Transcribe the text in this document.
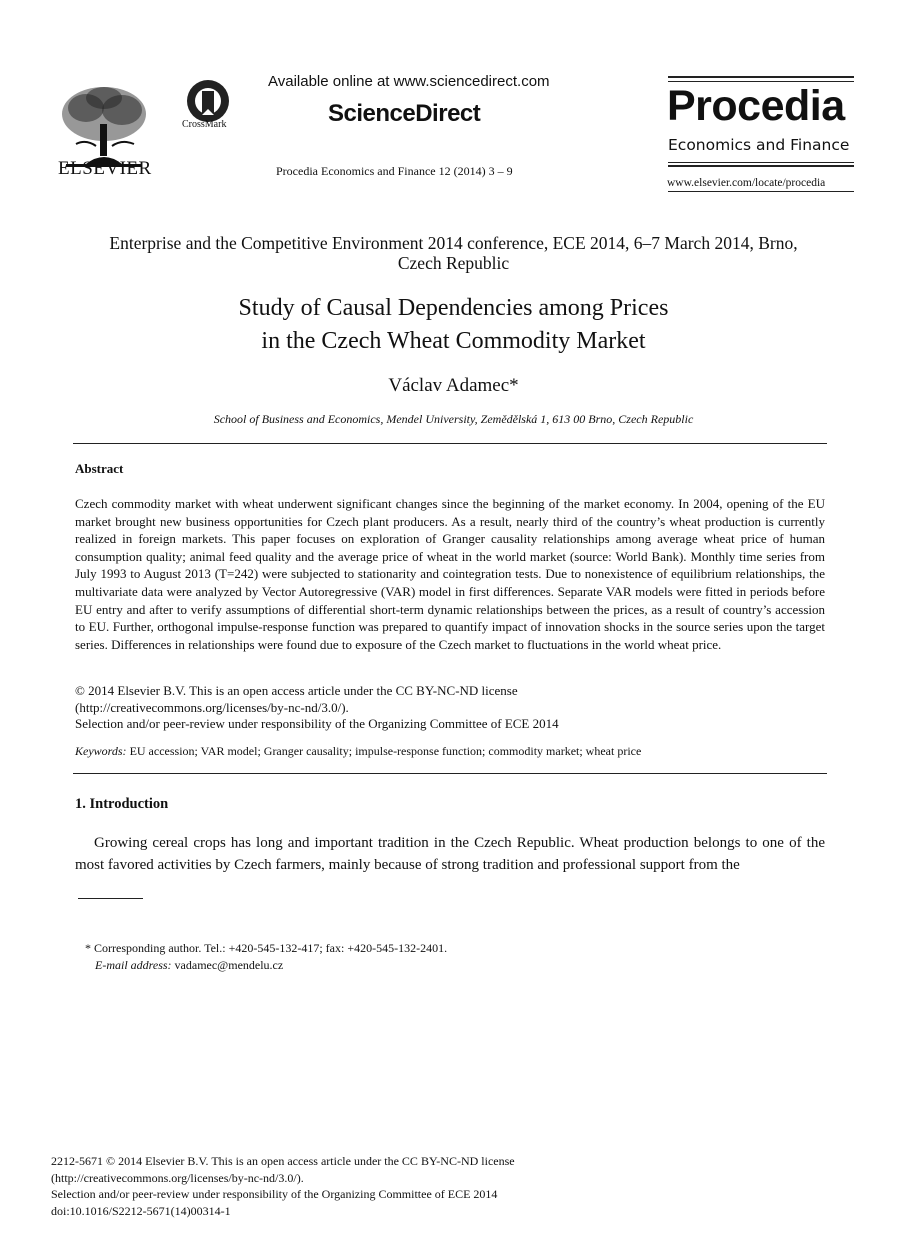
ELSEVIER
CrossMark
Available online at www.sciencedirect.com
ScienceDirect
Procedia Economics and Finance 12 (2014) 3 – 9
Procedia
Economics and Finance
www.elsevier.com/locate/procedia
Enterprise and the Competitive Environment 2014 conference, ECE 2014, 6–7 March 2014, Brno,
Czech Republic
Study of Causal Dependencies among Prices
in the Czech Wheat Commodity Market
Václav Adamec*
School of Business and Economics, Mendel University, Zemědělská 1, 613 00 Brno, Czech Republic
Abstract
Czech commodity market with wheat underwent significant changes since the beginning of the market economy. In 2004, opening of the EU market brought new business opportunities for Czech plant producers. As a result, nearly third of the country’s wheat production is currently realized in foreign markets. This paper focuses on exploration of Granger causality relationships among average wheat price of human consumption quality; animal feed quality and the average price of wheat in the world market (source: World Bank). Monthly time series from July 1993 to August 2013 (T=242) were subjected to stationarity and cointegration tests. Due to nonexistence of equilibrium relationships, the multivariate data were analyzed by Vector Autoregressive (VAR) model in first differences. Separate VAR models were fitted in periods before EU entry and after to verify assumptions of differential short-term dynamic relationships between the prices, as a result of country’s accession to EU. Further, orthogonal impulse-response function was prepared to quantify impact of innovation shocks in the source series upon the target series. Differences in relationships were found due to exposure of the Czech market to fluctuations in the world wheat price.
© 2014 Elsevier B.V. This is an open access article under the CC BY-NC-ND license
(http://creativecommons.org/licenses/by-nc-nd/3.0/).
Selection and/or peer-review under responsibility of the Organizing Committee of ECE 2014
Keywords: EU accession; VAR model; Granger causality; impulse-response function; commodity market; wheat price
1. Introduction
Growing cereal crops has long and important tradition in the Czech Republic. Wheat production belongs to one of the most favored activities by Czech farmers, mainly because of strong tradition and professional support from the
* Corresponding author. Tel.: +420-545-132-417; fax: +420-545-132-2401.
E-mail address: vadamec@mendelu.cz
2212-5671 © 2014 Elsevier B.V. This is an open access article under the CC BY-NC-ND license
(http://creativecommons.org/licenses/by-nc-nd/3.0/).
Selection and/or peer-review under responsibility of the Organizing Committee of ECE 2014
doi:10.1016/S2212-5671(14)00314-1
